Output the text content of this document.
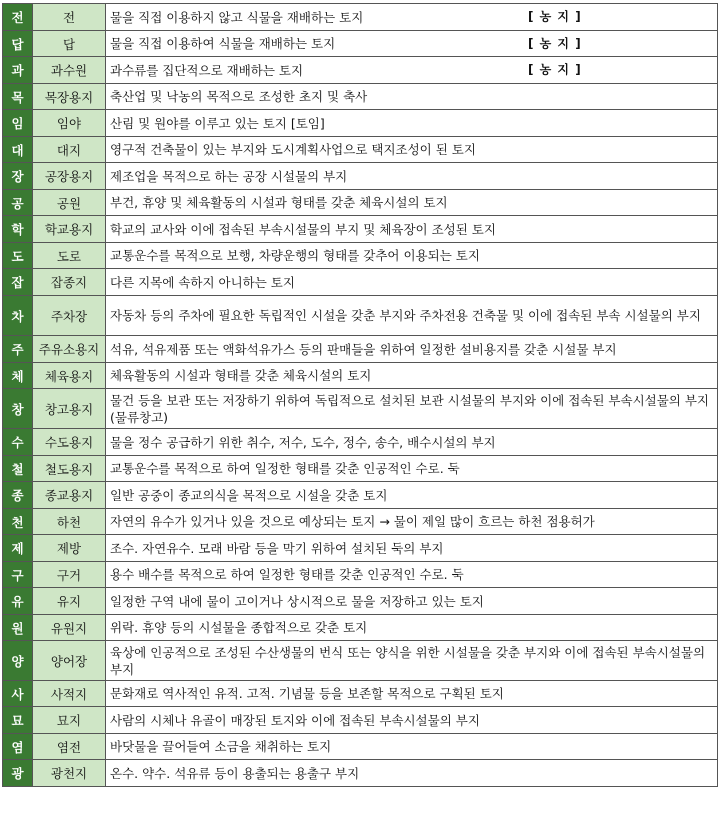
전	전	물을 직접 이용하지 않고 식물을 재배하는 토지 [ 농 지 ]

답	답	물을 직접 이용하여 식물을 재배하는 토지 [ 농 지 ]

과	과수원	과수류를 집단적으로 재배하는 토지 [ 농 지 ]

목	목장용지	축산업 및 낙농의 목적으로 조성한 초지 및 축사

임	임야	산림 및 원야를 이루고 있는 토지 [토임]

대	대지	영구적 건축물이 있는 부지와 도시계획사업으로 택지조성이 된 토지

장	공장용지	제조업을 목적으로 하는 공장 시설물의 부지

공	공원	부건, 휴양 및 체육활동의 시설과 형태를 갖춘 체육시설의 토지

학	학교용지	학교의 교사와 이에 접속된 부속시설물의 부지 및 체육장이 조성된 토지

도	도로	교통운수를 목적으로 보행, 차량운행의 형태를 갖추어 이용되는 토지

잡	잡종지	다른 지목에 속하지 아니하는 토지

차	주차장	자동차 등의 주차에 필요한 독립적인 시설을 갖춘 부지와 주차전용 건축물 및 이에 접속된 부속 시설물의 부지

주	주유소용지	석유, 석유제품 또는 액화석유가스 등의 판매들을 위하여 일정한 설비용지를 갖춘 시설물 부지

체	체육용지	체육활동의 시설과 형태를 갖춘 체육시설의 토지

창	창고용지	물건 등을 보관 또는 저장하기 위하여 독립적으로 설치된 보관 시설물의 부지와 이에 접속된 부속시설물의 부지(물류창고)

수	수도용지	물을 정수 공급하기 위한 취수, 저수, 도수, 정수, 송수, 배수시설의 부지

철	철도용지	교통운수를 목적으로 하여 일정한 형태를 갖춘 인공적인 수로. 둑

종	종교용지	일반 공중이 종교의식을 목적으로 시설을 갖춘 토지

천	하천	자연의 유수가 있거나 있을 것으로 예상되는 토지 → 물이 제일 많이 흐르는 하천 점용허가

제	제방	조수. 자연유수. 모래 바람 등을 막기 위하여 설치된 둑의 부지

구	구거	용수 배수를 목적으로 하여 일정한 형태를 갖춘 인공적인 수로. 둑

유	유지	일정한 구역 내에 물이 고이거나 상시적으로 물을 저장하고 있는 토지

원	유원지	위락. 휴양 등의 시설물을 종합적으로 갖춘 토지

양	양어장	육상에 인공적으로 조성된 수산생물의 번식 또는 양식을 위한 시설물을 갖춘 부지와 이에 접속된 부속시설물의 부지

사	사적지	문화재로 역사적인 유적. 고적. 기념물 등을 보존할 목적으로 구획된 토지

묘	묘지	사람의 시체나 유골이 매장된 토지와 이에 접속된 부속시설물의 부지

염	염전	바닷물을 끌어들여 소금을 채취하는 토지

광	광천지	온수. 약수. 석유류 등이 용출되는 용출구 부지
